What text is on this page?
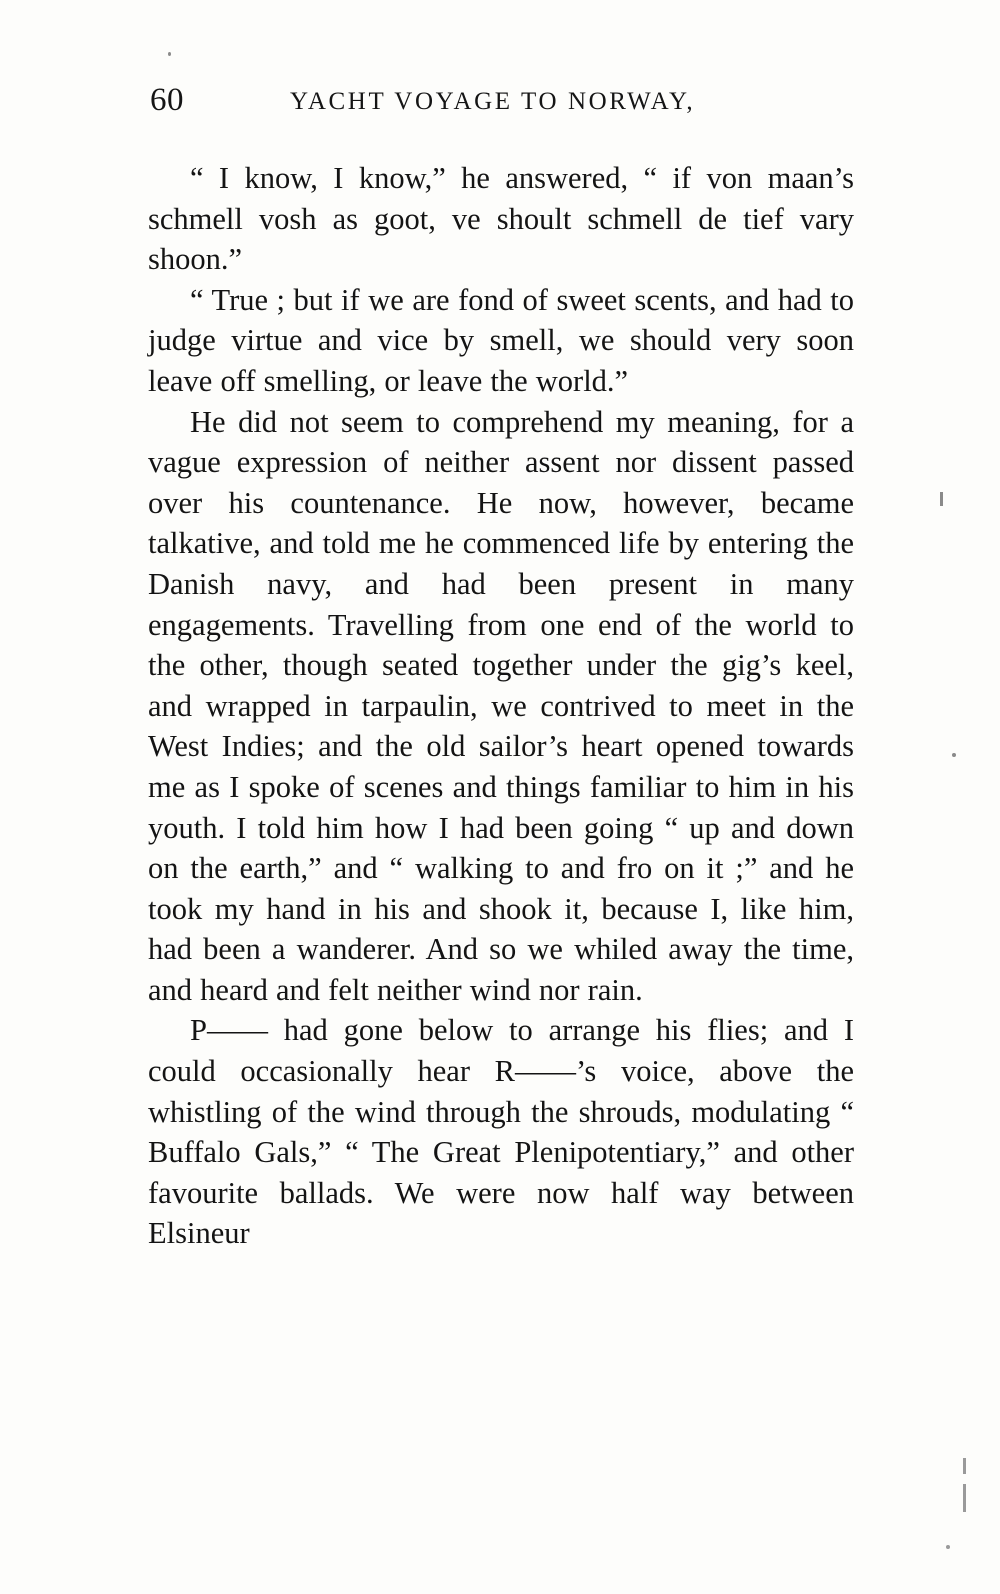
60	YACHT VOYAGE TO NORWAY,

“ I know, I know,” he answered, “ if von maan’s schmell vosh as goot, ve shoult schmell de tief vary shoon.”

“ True ; but if we are fond of sweet scents, and had to judge virtue and vice by smell, we should very soon leave off smelling, or leave the world.”

He did not seem to comprehend my meaning, for a vague expression of neither assent nor dissent passed over his countenance. He now, however, became talkative, and told me he commenced life by entering the Danish navy, and had been present in many engagements. Travelling from one end of the world to the other, though seated together under the gig’s keel, and wrapped in tarpaulin, we contrived to meet in the West Indies; and the old sailor’s heart opened towards me as I spoke of scenes and things familiar to him in his youth. I told him how I had been going “ up and down on the earth,” and “ walking to and fro on it ;” and he took my hand in his and shook it, because I, like him, had been a wanderer. And so we whiled away the time, and heard and felt neither wind nor rain.

P—— had gone below to arrange his flies; and I could occasionally hear R——’s voice, above the whistling of the wind through the shrouds, modulating “ Buffalo Gals,” “ The Great Plenipotentiary,” and other favourite ballads. We were now half way between Elsineur
